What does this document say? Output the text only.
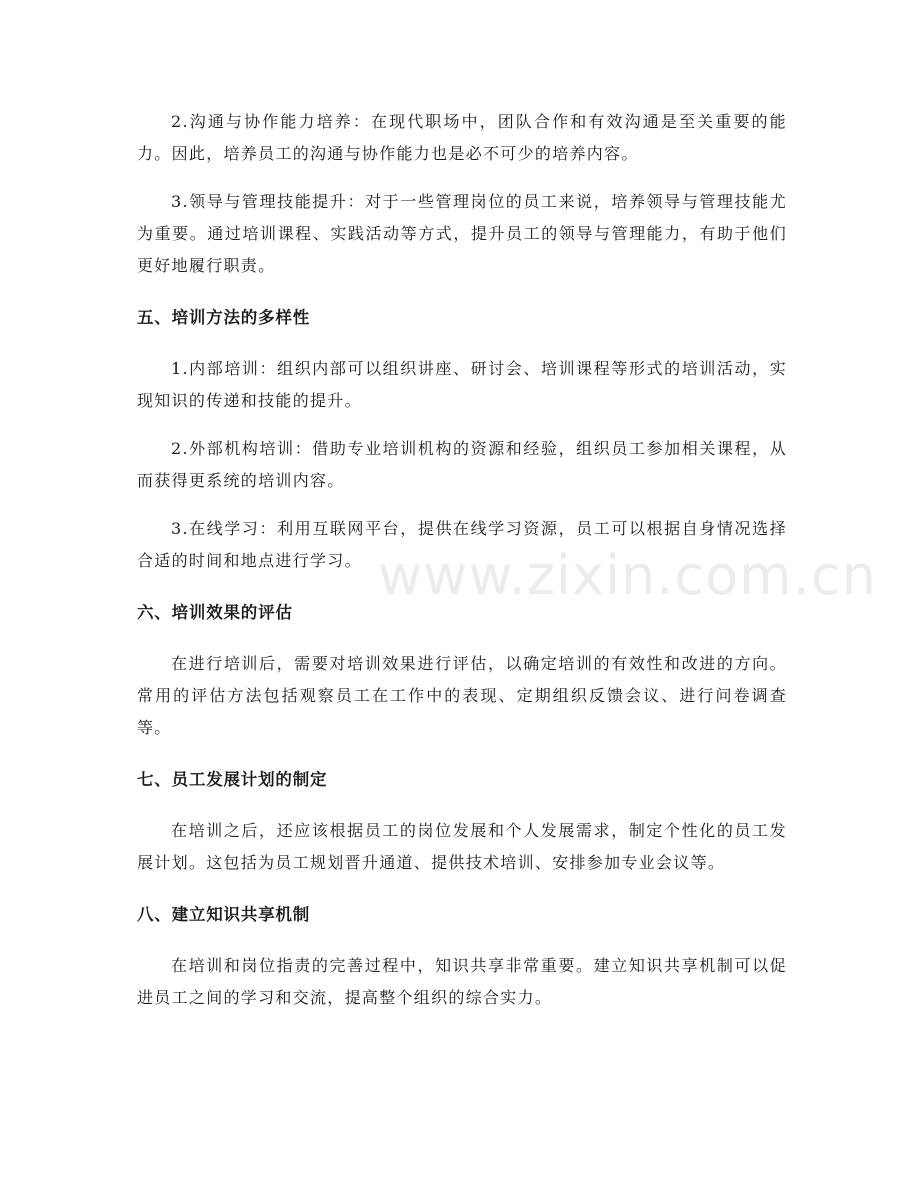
2.沟通与协作能力培养：在现代职场中，团队合作和有效沟通是至关重要的能力。因此，培养员工的沟通与协作能力也是必不可少的培养内容。

3.领导与管理技能提升：对于一些管理岗位的员工来说，培养领导与管理技能尤为重要。通过培训课程、实践活动等方式，提升员工的领导与管理能力，有助于他们更好地履行职责。

五、培训方法的多样性

1.内部培训：组织内部可以组织讲座、研讨会、培训课程等形式的培训活动，实现知识的传递和技能的提升。

2.外部机构培训：借助专业培训机构的资源和经验，组织员工参加相关课程，从而获得更系统的培训内容。

3.在线学习：利用互联网平台，提供在线学习资源，员工可以根据自身情况选择合适的时间和地点进行学习。

六、培训效果的评估

在进行培训后，需要对培训效果进行评估，以确定培训的有效性和改进的方向。常用的评估方法包括观察员工在工作中的表现、定期组织反馈会议、进行问卷调查等。

七、员工发展计划的制定

在培训之后，还应该根据员工的岗位发展和个人发展需求，制定个性化的员工发展计划。这包括为员工规划晋升通道、提供技术培训、安排参加专业会议等。

八、建立知识共享机制

在培训和岗位指责的完善过程中，知识共享非常重要。建立知识共享机制可以促进员工之间的学习和交流，提高整个组织的综合实力。

www.zixin.com.cn
